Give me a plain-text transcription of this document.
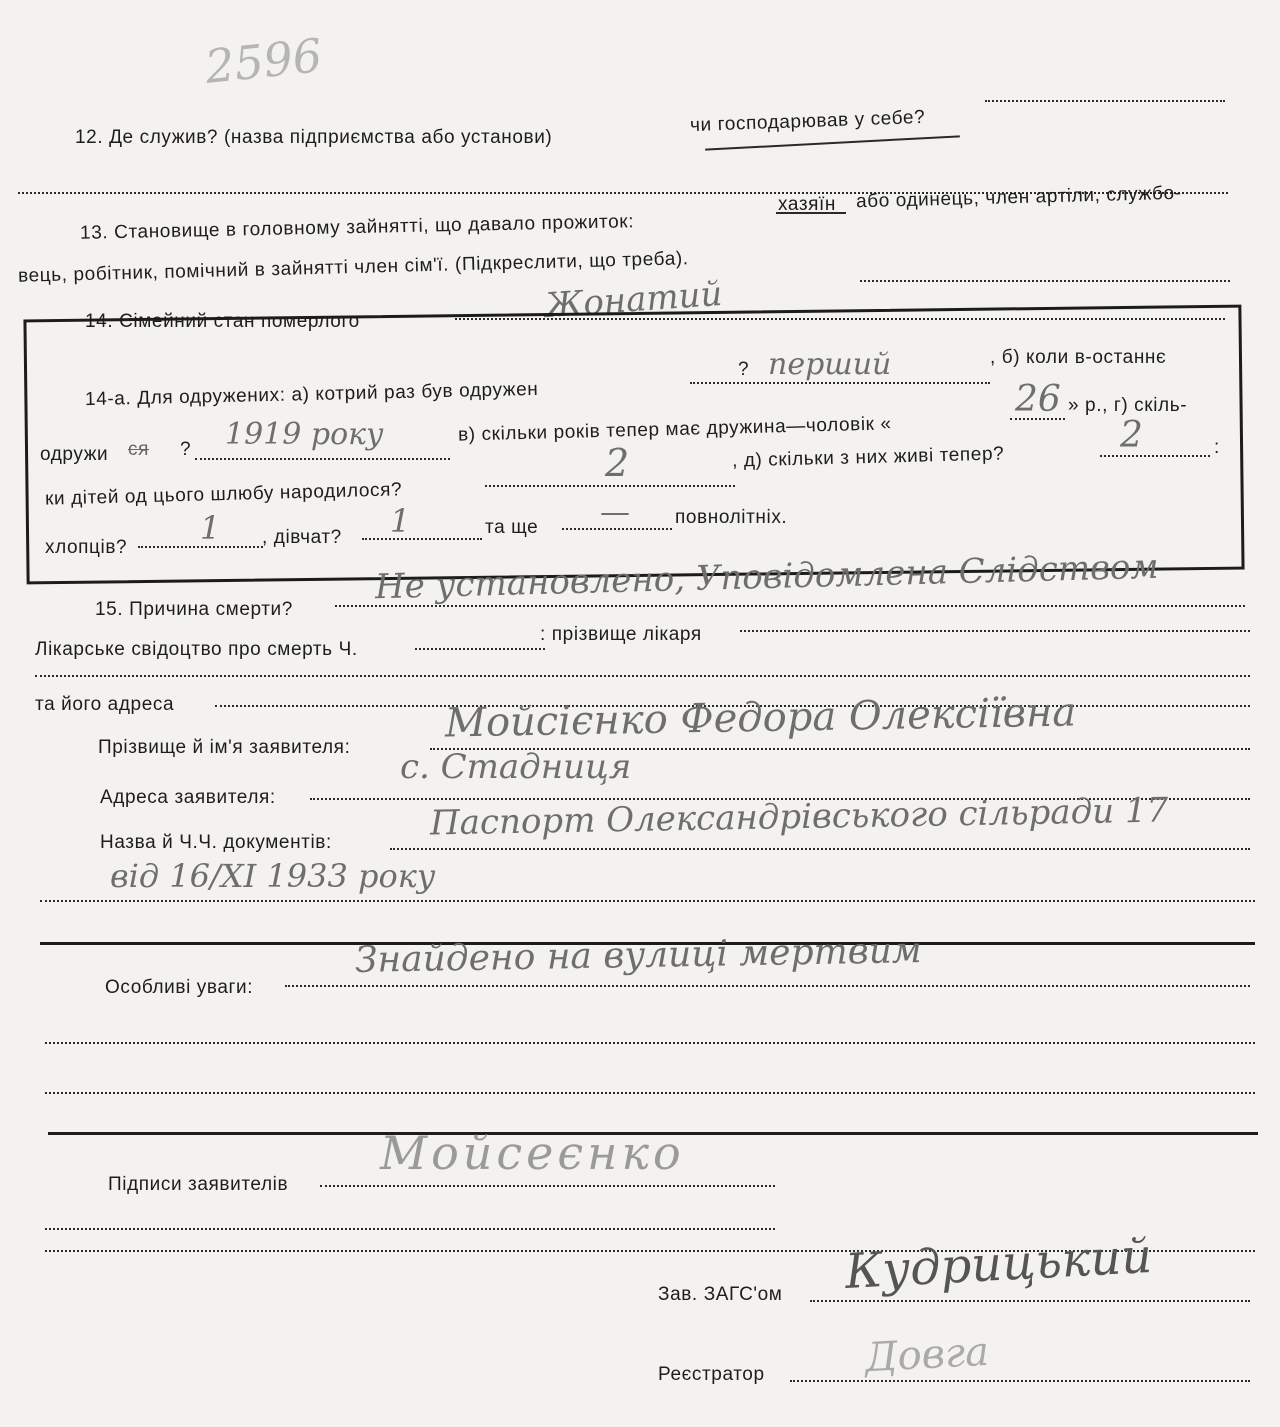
2596
12. Де служив? (назва підприємства або установи)
чи господарював у себе?
13. Становище в головному зайнятті, що давало прожиток:
хазяїн або одинець, член артіли, службо-
вець, робітник, помічний в зайнятті член сім'ї. (Підкреслити, що треба).
14. Сімейний стан померлого	Жонатий
14-а. Для одружених: а) котрий раз був одружен
? перший	, б) коли в-останнє
одружи ся ? 1919 року	в) скільки років тепер має дружина—чоловік «
26 » р., г) скіль-
ки дітей од цього шлюбу народилося?
2	, д) скільки з них живі тепер?
2	:
хлопців?
1 , дівчат? 1	та ще — повнолітніх.
15. Причина смерти?
Не установлено, Уповідомлена Слідством
Лікарське свідоцтво про смерть Ч.
: прізвище лікаря
та його адреса
Прізвище й ім'я заявителя:
Мойсієнко Федора Олексіївна
с. Стадниця
Адреса заявителя:
Назва й Ч.Ч. документів:	Паспорт Олександрівського сільради 17
від 16/XI 1933 року
Особливі уваги:
Знайдено на вулиці мертвим
Підписи заявителів
Мойсеєнко
Зав. ЗАГС'ом Кудрицький
Реєстратор Довга
